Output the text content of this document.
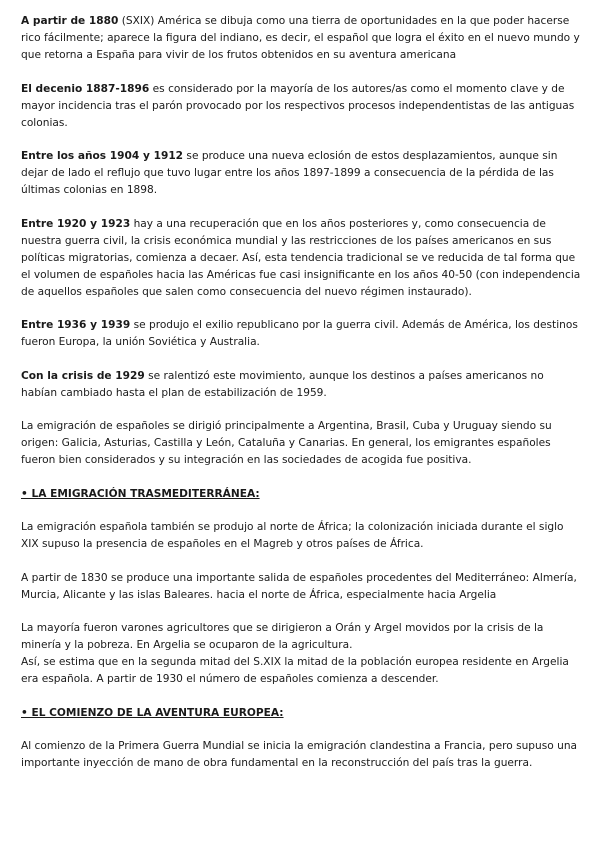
A partir de 1880 (SXIX) América se dibuja como una tierra de oportunidades en la que poder hacerse rico fácilmente; aparece la figura del indiano, es decir, el español que logra el éxito en el nuevo mundo y que retorna a España para vivir de los frutos obtenidos en su aventura americana

El decenio 1887-1896 es considerado por la mayoría de los autores/as como el momento clave y de mayor incidencia tras el parón provocado por los respectivos procesos independentistas de las antiguas colonias.

Entre los años 1904 y 1912 se produce una nueva eclosión de estos desplazamientos, aunque sin dejar de lado el reflujo que tuvo lugar entre los años 1897-1899 a consecuencia de la pérdida de las últimas colonias en 1898.

Entre 1920 y 1923 hay a una recuperación que en los años posteriores y, como consecuencia de nuestra guerra civil, la crisis económica mundial y las restricciones de los países americanos en sus políticas migratorias, comienza a decaer. Así, esta tendencia tradicional se ve reducida de tal forma que el volumen de españoles hacia las Américas fue casi insignificante en los años 40-50 (con independencia de aquellos españoles que salen como consecuencia del nuevo régimen instaurado).

Entre 1936 y 1939 se produjo el exilio republicano por la guerra civil. Además de América, los destinos fueron Europa, la unión Soviética y Australia.

Con la crisis de 1929 se ralentizó este movimiento, aunque los destinos a países americanos no habían cambiado hasta el plan de estabilización de 1959.

La emigración de españoles se dirigió principalmente a Argentina, Brasil, Cuba y Uruguay siendo su origen: Galicia, Asturias, Castilla y León, Cataluña y Canarias. En general, los emigrantes españoles fueron bien considerados y su integración en las sociedades de acogida fue positiva.

• LA EMIGRACIÓN TRASMEDITERRÁNEA:

La emigración española también se produjo al norte de África; la colonización iniciada durante el siglo XIX supuso la presencia de españoles en el Magreb y otros países de África.

A partir de 1830 se produce una importante salida de españoles procedentes del Mediterráneo: Almería, Murcia, Alicante y las islas Baleares. hacia el norte de África, especialmente hacia Argelia

La mayoría fueron varones agricultores que se dirigieron a Orán y Argel movidos por la crisis de la minería y la pobreza. En Argelia se ocuparon de la agricultura.

Así, se estima que en la segunda mitad del S.XIX la mitad de la población europea residente en Argelia era española. A partir de 1930 el número de españoles comienza a descender.

• EL COMIENZO DE LA AVENTURA EUROPEA:

Al comienzo de la Primera Guerra Mundial se inicia la emigración clandestina a Francia, pero supuso una importante inyección de mano de obra fundamental en la reconstrucción del país tras la guerra.
